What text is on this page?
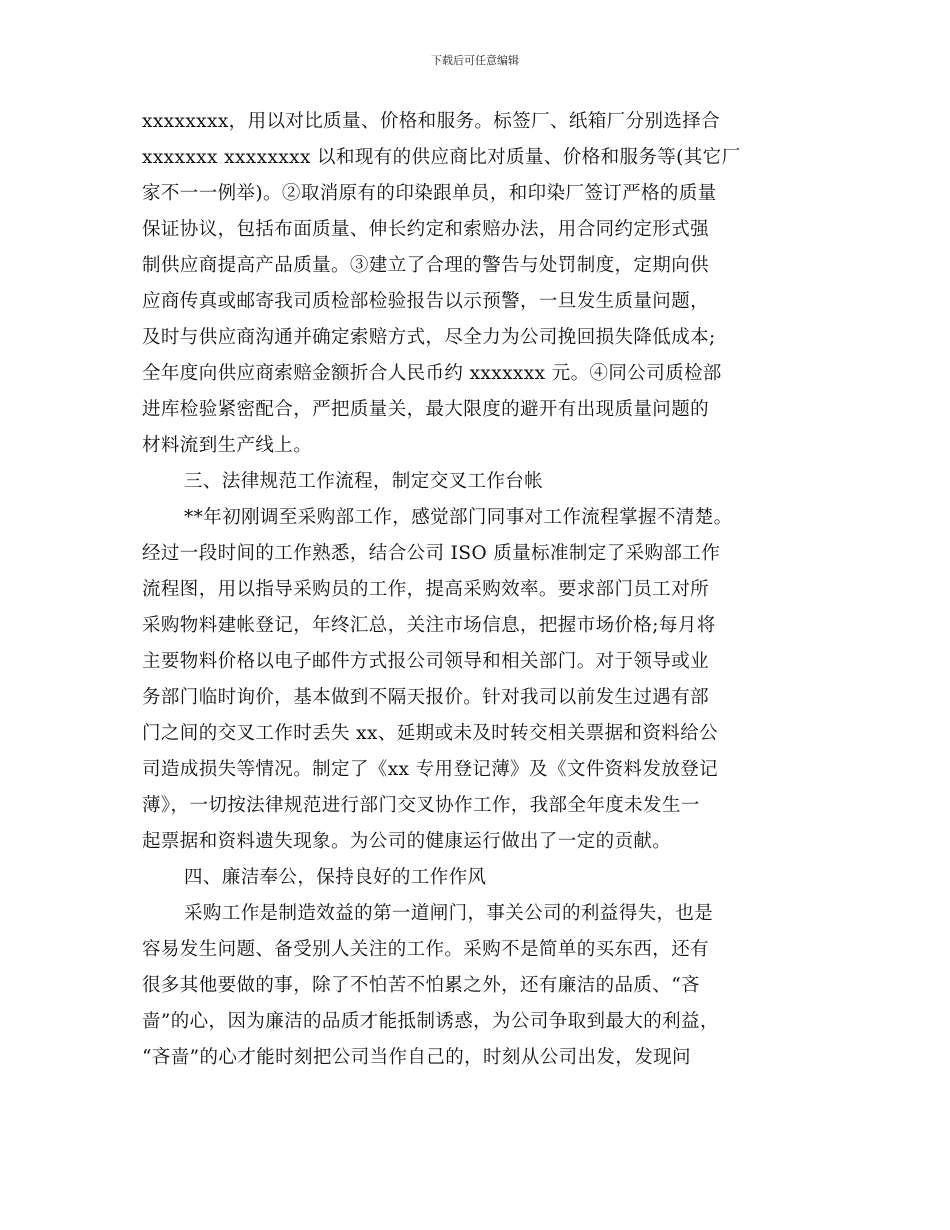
下载后可任意编辑
xxxxxxxx，用以对比质量、价格和服务。标签厂、纸箱厂分别选择合
xxxxxxx xxxxxxxx 以和现有的供应商比对质量、价格和服务等(其它厂
家不一一例举)。②取消原有的印染跟单员，和印染厂签订严格的质量
保证协议，包括布面质量、伸长约定和索赔办法，用合同约定形式强
制供应商提高产品质量。③建立了合理的警告与处罚制度，定期向供
应商传真或邮寄我司质检部检验报告以示预警，一旦发生质量问题，
及时与供应商沟通并确定索赔方式，尽全力为公司挽回损失降低成本;
全年度向供应商索赔金额折合人民币约 xxxxxxx 元。④同公司质检部
进库检验紧密配合，严把质量关，最大限度的避开有出现质量问题的
材料流到生产线上。
三、法律规范工作流程，制定交叉工作台帐
**年初刚调至采购部工作，感觉部门同事对工作流程掌握不清楚。
经过一段时间的工作熟悉，结合公司 ISO 质量标准制定了采购部工作
流程图，用以指导采购员的工作，提高采购效率。要求部门员工对所
采购物料建帐登记，年终汇总，关注市场信息，把握市场价格;每月将
主要物料价格以电子邮件方式报公司领导和相关部门。对于领导或业
务部门临时询价，基本做到不隔天报价。针对我司以前发生过遇有部
门之间的交叉工作时丢失 xx、延期或未及时转交相关票据和资料给公
司造成损失等情况。制定了《xx 专用登记薄》及《文件资料发放登记
薄》，一切按法律规范进行部门交叉协作工作，我部全年度未发生一
起票据和资料遗失现象。为公司的健康运行做出了一定的贡献。
四、廉洁奉公，保持良好的工作作风
采购工作是制造效益的第一道闸门，事关公司的利益得失，也是
容易发生问题、备受别人关注的工作。采购不是简单的买东西，还有
很多其他要做的事，除了不怕苦不怕累之外，还有廉洁的品质、“吝
啬”的心，因为廉洁的品质才能抵制诱惑，为公司争取到最大的利益，
“吝啬”的心才能时刻把公司当作自己的，时刻从公司出发，发现问
